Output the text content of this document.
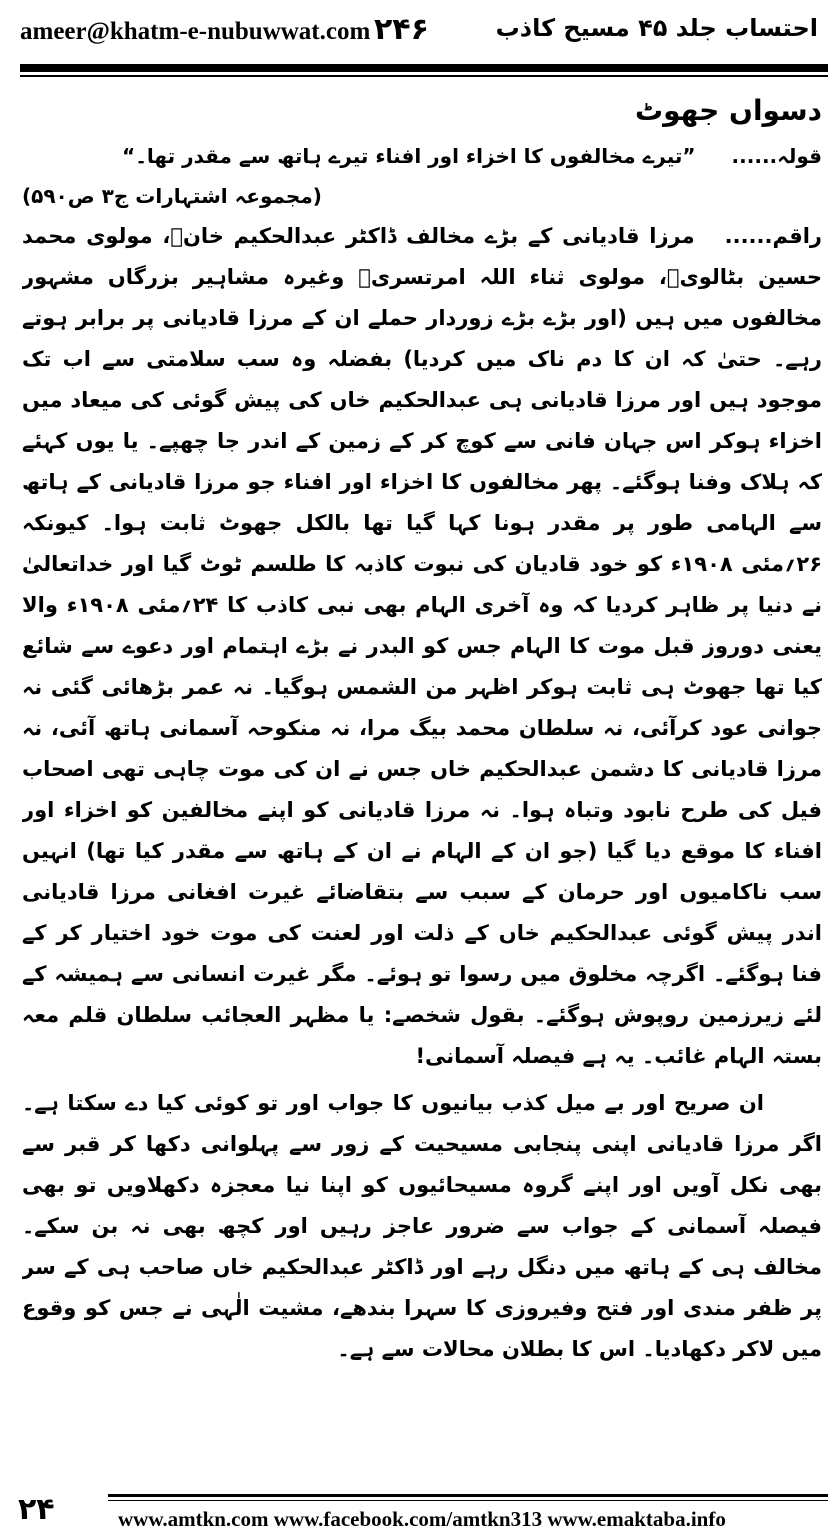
ameer@khatm-e-nubuwwat.com ۲۴۶	احتساب جلد ۴۵ مسیح کاذب
دسواں جھوٹ
قولہ......”تیرے مخالفوں کا اخزاء اور افناء تیرے ہاتھ سے مقدر تھا۔“
(مجموعہ اشتہارات ج۳ ص۵۹۰)

راقم......مرزا قادیانی کے بڑے مخالف ڈاکٹر عبدالحکیم خانؒ، مولوی محمد حسین بٹالویؒ، مولوی ثناء اللہ امرتسریؒ وغیرہ مشاہیر بزرگاں مشہور مخالفوں میں ہیں (اور بڑے بڑے زوردار حملے ان کے مرزا قادیانی پر برابر ہوتے رہے۔ حتیٰ کہ ان کا دم ناک میں کردیا) بفضلہ وہ سب سلامتی سے اب تک موجود ہیں اور مرزا قادیانی ہی عبدالحکیم خاں کی پیش گوئی کی میعاد میں اخزاء ہوکر اس جہان فانی سے کوچ کر کے زمین کے اندر جا چھپے۔ یا یوں کہئے کہ ہلاک وفنا ہوگئے۔ پھر مخالفوں کا اخزاء اور افناء جو مرزا قادیانی کے ہاتھ سے الہامی طور پر مقدر ہونا کہا گیا تھا بالکل جھوٹ ثابت ہوا۔ کیونکہ ۲۶؍مئی ۱۹۰۸ء کو خود قادیان کی نبوت کاذبہ کا طلسم ٹوٹ گیا اور خداتعالیٰ نے دنیا پر ظاہر کردیا کہ وہ آخری الہام بھی نبی کاذب کا ۲۴؍مئی ۱۹۰۸ء والا یعنی دوروز قبل موت کا الہام جس کو البدر نے بڑے اہتمام اور دعوے سے شائع کیا تھا جھوٹ ہی ثابت ہوکر اظہر من الشمس ہوگیا۔ نہ عمر بڑھائی گئی نہ جوانی عود کرآئی، نہ سلطان محمد بیگ مرا، نہ منکوحہ آسمانی ہاتھ آئی، نہ مرزا قادیانی کا دشمن عبدالحکیم خاں جس نے ان کی موت چاہی تھی اصحاب فیل کی طرح نابود وتباہ ہوا۔ نہ مرزا قادیانی کو اپنے مخالفین کو اخزاء اور افناء کا موقع دیا گیا (جو ان کے الہام نے ان کے ہاتھ سے مقدر کیا تھا) انہیں سب ناکامیوں اور حرمان کے سبب سے بتقاضائے غیرت افغانی مرزا قادیانی اندر پیش گوئی عبدالحکیم خاں کے ذلت اور لعنت کی موت خود اختیار کر کے فنا ہوگئے۔ اگرچہ مخلوق میں رسوا تو ہوئے۔ مگر غیرت انسانی سے ہمیشہ کے لئے زیرزمین روپوش ہوگئے۔ بقول شخصے: یا مظہر العجائب سلطان قلم معہ بستہ الہام غائب۔ یہ ہے فیصلہ آسمانی!

ان صریح اور بے میل کذب بیانیوں کا جواب اور تو کوئی کیا دے سکتا ہے۔ اگر مرزا قادیانی اپنی پنجابی مسیحیت کے زور سے پہلوانی دکھا کر قبر سے بھی نکل آویں اور اپنے گروہ مسیحائیوں کو اپنا نیا معجزہ دکھلاویں تو بھی فیصلہ آسمانی کے جواب سے ضرور عاجز رہیں اور کچھ بھی نہ بن سکے۔ مخالف ہی کے ہاتھ میں دنگل رہے اور ڈاکٹر عبدالحکیم خاں صاحب ہی کے سر پر ظفر مندی اور فتح وفیروزی کا سہرا بندھے، مشیت الٰہی نے جس کو وقوع میں لاکر دکھادیا۔ اس کا بطلان محالات سے ہے۔

۲۴	www.amtkn.com www.facebook.com/amtkn313 www.emaktaba.info
